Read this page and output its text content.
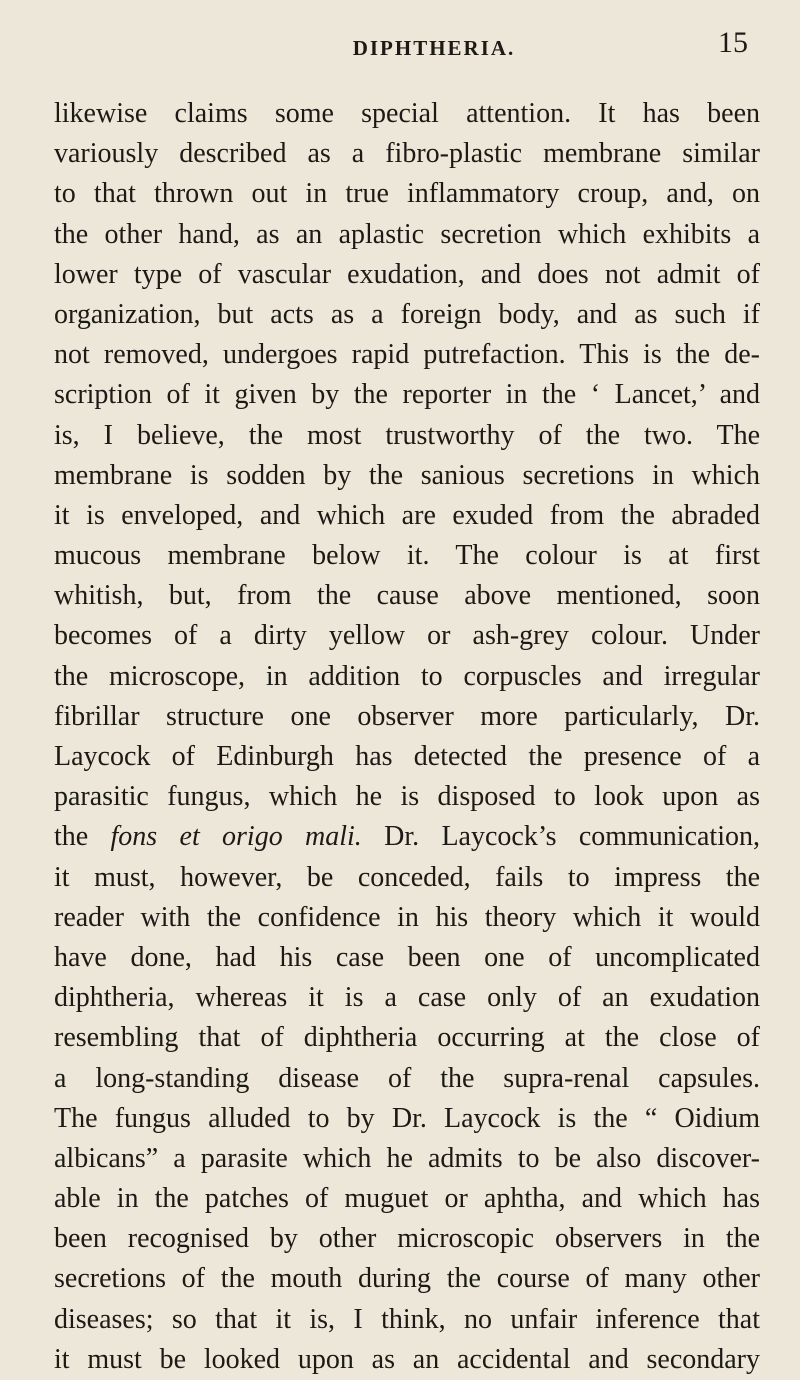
DIPHTHERIA.	15
likewise claims some special attention. It has been
variously described as a fibro-plastic membrane similar
to that thrown out in true inflammatory croup, and, on
the other hand, as an aplastic secretion which exhibits a
lower type of vascular exudation, and does not admit of
organization, but acts as a foreign body, and as such if
not removed, undergoes rapid putrefaction. This is the de-
scription of it given by the reporter in the ‘ Lancet,’ and
is, I believe, the most trustworthy of the two. The
membrane is sodden by the sanious secretions in which
it is enveloped, and which are exuded from the abraded
mucous membrane below it. The colour is at first
whitish, but, from the cause above mentioned, soon
becomes of a dirty yellow or ash-grey colour. Under
the microscope, in addition to corpuscles and irregular
fibrillar structure one observer more particularly, Dr.
Laycock of Edinburgh has detected the presence of a
parasitic fungus, which he is disposed to look upon as
the fons et origo mali. Dr. Laycock’s communication,
it must, however, be conceded, fails to impress the
reader with the confidence in his theory which it would
have done, had his case been one of uncomplicated
diphtheria, whereas it is a case only of an exudation
resembling that of diphtheria occurring at the close of
a long-standing disease of the supra-renal capsules.
The fungus alluded to by Dr. Laycock is the “ Oidium
albicans” a parasite which he admits to be also discover-
able in the patches of muguet or aphtha, and which has
been recognised by other microscopic observers in the
secretions of the mouth during the course of many other
diseases; so that it is, I think, no unfair inference that
it must be looked upon as an accidental and secondary
